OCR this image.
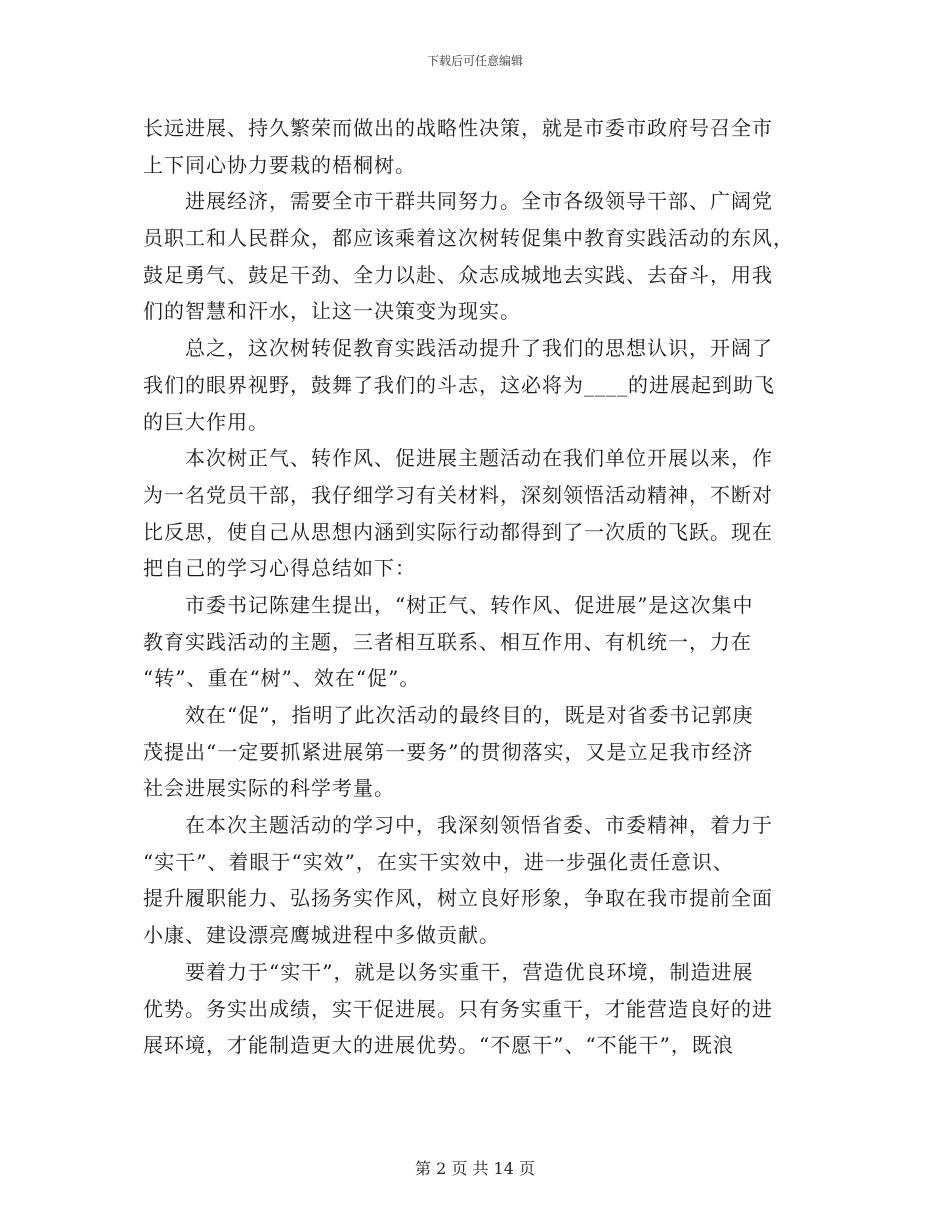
下载后可任意编辑

长远进展、持久繁荣而做出的战略性决策，就是市委市政府号召全市
上下同心协力要栽的梧桐树。

进展经济，需要全市干群共同努力。全市各级领导干部、广阔党
员职工和人民群众，都应该乘着这次树转促集中教育实践活动的东风，
鼓足勇气、鼓足干劲、全力以赴、众志成城地去实践、去奋斗，用我
们的智慧和汗水，让这一决策变为现实。

总之，这次树转促教育实践活动提升了我们的思想认识，开阔了
我们的眼界视野，鼓舞了我们的斗志，这必将为____的进展起到助飞
的巨大作用。

本次树正气、转作风、促进展主题活动在我们单位开展以来，作
为一名党员干部，我仔细学习有关材料，深刻领悟活动精神，不断对
比反思，使自己从思想内涵到实际行动都得到了一次质的飞跃。现在
把自己的学习心得总结如下：

市委书记陈建生提出，“树正气、转作风、促进展”是这次集中
教育实践活动的主题，三者相互联系、相互作用、有机统一，力在
“转”、重在“树”、效在“促”。

效在“促”，指明了此次活动的最终目的，既是对省委书记郭庚
茂提出“一定要抓紧进展第一要务”的贯彻落实，又是立足我市经济
社会进展实际的科学考量。

在本次主题活动的学习中，我深刻领悟省委、市委精神，着力于
“实干”、着眼于“实效”，在实干实效中，进一步强化责任意识、
提升履职能力、弘扬务实作风，树立良好形象，争取在我市提前全面
小康、建设漂亮鹰城进程中多做贡献。

要着力于“实干”，就是以务实重干，营造优良环境，制造进展
优势。务实出成绩，实干促进展。只有务实重干，才能营造良好的进
展环境，才能制造更大的进展优势。“不愿干”、“不能干”，既浪

第 2 页 共 14 页
